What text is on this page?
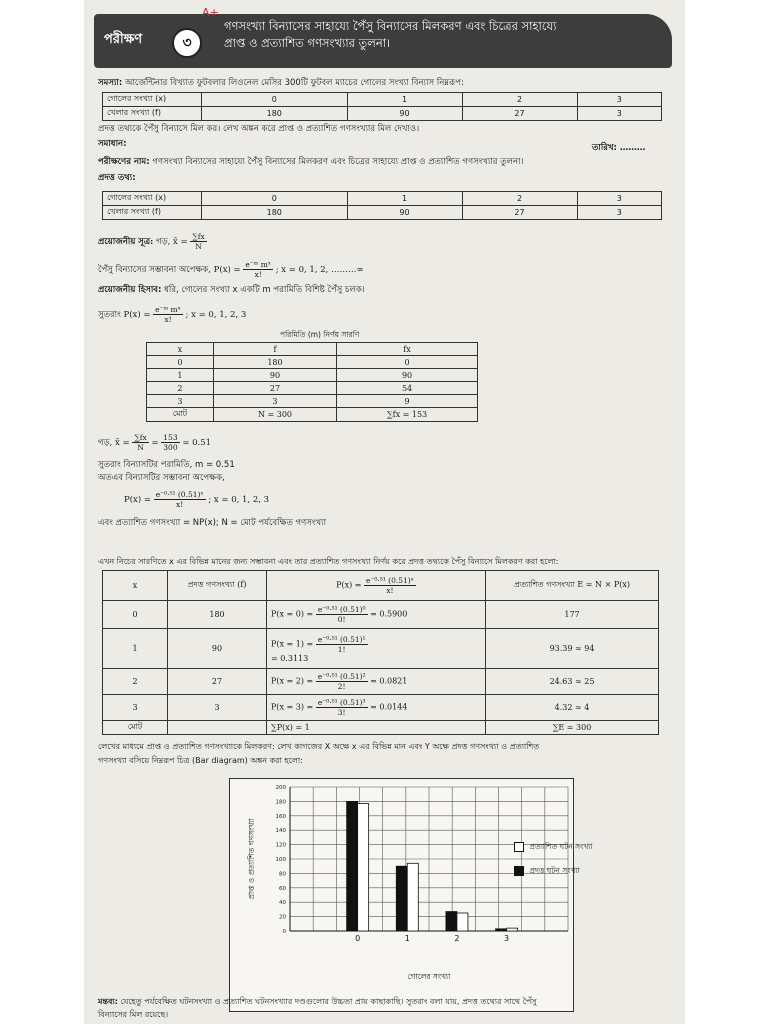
পরীক্ষণ	৩
A+
গণসংখ্যা বিন্যাসের সাহায্যে পৈঁসু বিন্যাসের মিলকরণ এবং চিত্রের সাহায্যে
প্রাপ্ত ও প্রত্যাশিত গণসংখ্যার তুলনা।
সমস্যা: আর্জেন্টিনার বিখ্যাত ফুটবলার লিওনেল মেসির 300টি ফুটবল ম্যাচের গোলের সংখ্যা বিন্যাস নিম্নরূপ:
গোলের সংখ্যা (x)	0	1	2	3
খেলার সংখ্যা (f)	180	90	27	3
প্রদত্ত তথ্যকে পৈঁসু বিন্যাসে মিল কর। লেখ অঙ্কন করে প্রাপ্ত ও প্রত্যাশিত গণসংখ্যার মিল দেখাও।
সমাধান:	তারিখ: ………
পরীক্ষণের নাম: গণসংখ্যা বিন্যাসের সাহায্যে পৈঁসু বিন্যাসের মিলকরণ এবং চিত্রের সাহায্যে প্রাপ্ত ও প্রত্যাশিত গণসংখ্যার তুলনা।
প্রদত্ত তথ্য:
গোলের সংখ্যা (x)	0	1	2	3
খেলার সংখ্যা (f)	180	90	27	3
প্রয়োজনীয় সূত্র: গড়, x̄ = $\frac{\sum fx}{N}$
পৈঁসু বিন্যাসের সম্ভাবনা অপেক্ষক, $P(x) = \frac{\text{e⁻ᵐ mˣ}}{x!}$ ; x = 0, 1, 2, ………∞
প্রয়োজনীয় হিসাব: ধরি, গোলের সংখ্যা x একটি m পরামিতি বিশিষ্ট পৈঁসু চলক।
সুতরাং $P(x) = \frac{\text{e⁻ᵐ mˣ}}{x!}$ ; x = 0, 1, 2, 3
পরিমিতি (m) নির্ণয় সারণি
x	f	fx
0	180	0
1	90	90
2	27	54
3	3	9
মোট	N = 300	∑fx = 153
গড়, x̄ = $\frac{\sum fx}{N} = \frac{153}{300} = 0.51$
সুতরাং বিন্যাসটির পরামিতি, m = 0.51
অতএব বিন্যাসটির সম্ভাবনা অপেক্ষক,
$P(x) = \frac{\text{e⁻⁰·⁵¹ (0.51)ˣ}}{x!}$ ; x = 0, 1, 2, 3
এবং প্রত্যাশিত গণসংখ্যা = NP(x); N = মোট পর্যবেক্ষিত গণসংখ্যা
এখন নিচের সারণিতে x এর বিভিন্ন মানের জন্য সম্ভাবনা এবং তার প্রত্যাশিত গণসংখ্যা নির্ণয় করে প্রদত্ত তথ্যকে পৈঁসু বিন্যাসে মিলকরণ করা হলো:
x	প্রদত্ত গণসংখ্যা (f)	$P(x) = \frac{\text{e⁻⁰·⁵¹ (0.51)ˣ}}{x!}$	প্রত্যাশিত গণসংখ্যা E = N × P(x)
0	180	$P(x = 0) = \frac{\text{e⁻⁰·⁵¹ (0.51)⁰}}{0!} = 0.5900$	177
1	90	$P(x = 1) = \frac{\text{e⁻⁰·⁵¹ (0.51)¹}}{1!}$
= 0.3113	93.39 ≈ 94
2	27	$P(x = 2) = \frac{\text{e⁻⁰·⁵¹ (0.51)²}}{2!} = 0.0821$	24.63 ≈ 25
3	3	$P(x = 3) = \frac{\text{e⁻⁰·⁵¹ (0.51)³}}{3!} = 0.0144$	4.32 ≈ 4
মোট		∑P(x) = 1	∑E = 300
লেখের মাধ্যমে প্রাপ্ত ও প্রত্যাশিত গণসংখ্যাকে মিলকরণ: লেখ কাগজের X অক্ষে x এর বিভিন্ন মান এবং Y অক্ষে প্রদত্ত গণসংখ্যা ও প্রত্যাশিত
গণসংখ্যা বসিয়ে নিম্নরূপ চিত্র (Bar diagram) অঙ্কন করা হলো:
0
20
40
60
80
100
120
140
160
180
200
0	1	2	3
প্রাপ্ত ও প্রত্যাশিত গণসংখ্যা
গোলের সংখ্যা
প্রত্যাশিত ঘটন সংখ্যা
প্রদত্ত ঘটন সংখ্যা
মন্তব্য: যেহেতু পর্যবেক্ষিত ঘটনসংখ্যা ও প্রত্যাশিত ঘটনসংখ্যার দণ্ডগুলোর উচ্চতা প্রায় কাছাকাছি। সুতরাং বলা যায়, প্রদত্ত তথ্যের সাথে পৈঁসু
বিন্যাসের মিল রয়েছে।
